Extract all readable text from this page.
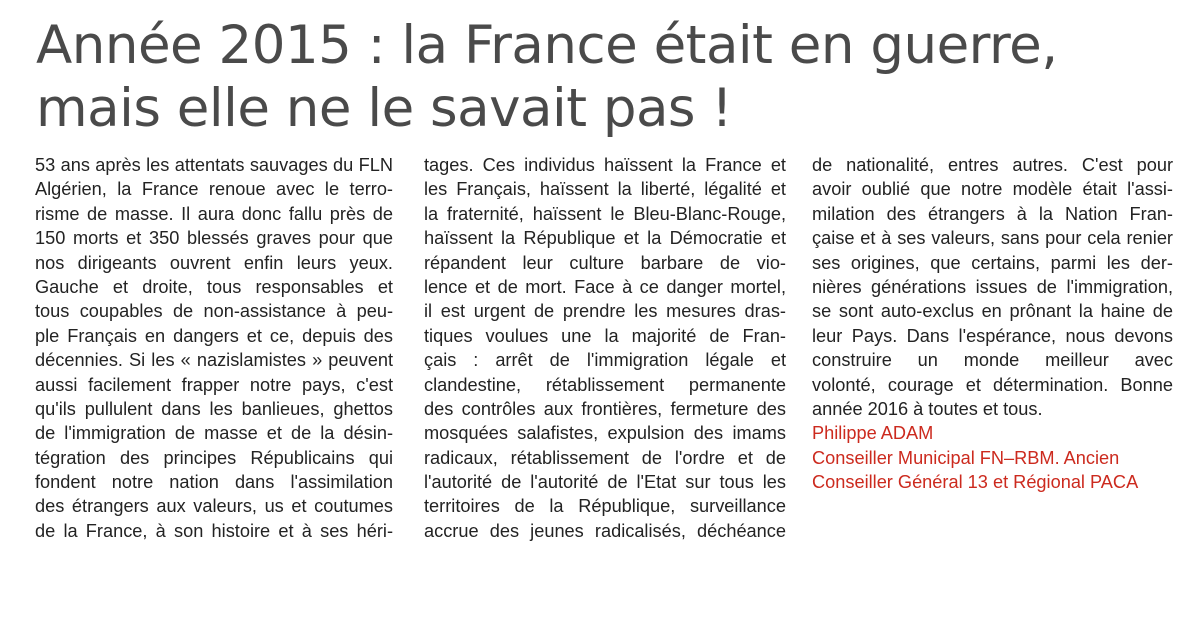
Année 2015 : la France était en guerre,
mais elle ne le savait pas !
53 ans après les attentats sauvages du FLN
Algérien, la France renoue avec le terro-
risme de masse. Il aura donc fallu près de
150 morts et 350 blessés graves pour que
nos dirigeants ouvrent enfin leurs yeux.
Gauche et droite, tous responsables et
tous coupables de non-assistance à peu-
ple Français en dangers et ce, depuis des
décennies. Si les « nazislamistes » peuvent
aussi facilement frapper notre pays, c'est
qu'ils pullulent dans les banlieues, ghettos
de l'immigration de masse et de la désin-
tégration des principes Républicains qui
fondent notre nation dans l'assimilation
des étrangers aux valeurs, us et coutumes
de la France, à son histoire et à ses héri-
tages. Ces individus haïssent la France et
les Français, haïssent la liberté, légalité et
la fraternité, haïssent le Bleu-Blanc-Rouge,
haïssent la République et la Démocratie et
répandent leur culture barbare de vio-
lence et de mort. Face à ce danger mortel,
il est urgent de prendre les mesures dras-
tiques voulues une la majorité de Fran-
çais : arrêt de l'immigration légale et
clandestine, rétablissement permanente
des contrôles aux frontières, fermeture des
mosquées salafistes, expulsion des imams
radicaux, rétablissement de l'ordre et de
l'autorité de l'autorité de l'Etat sur tous les
territoires de la République, surveillance
accrue des jeunes radicalisés, déchéance
de nationalité, entres autres. C'est pour
avoir oublié que notre modèle était l'assi-
milation des étrangers à la Nation Fran-
çaise et à ses valeurs, sans pour cela renier
ses origines, que certains, parmi les der-
nières générations issues de l'immigration,
se sont auto-exclus en prônant la haine de
leur Pays. Dans l'espérance, nous devons
construire un monde meilleur avec
volonté, courage et détermination. Bonne
année 2016 à toutes et tous.
Philippe ADAM
Conseiller Municipal FN–RBM. Ancien
Conseiller Général 13 et Régional PACA
